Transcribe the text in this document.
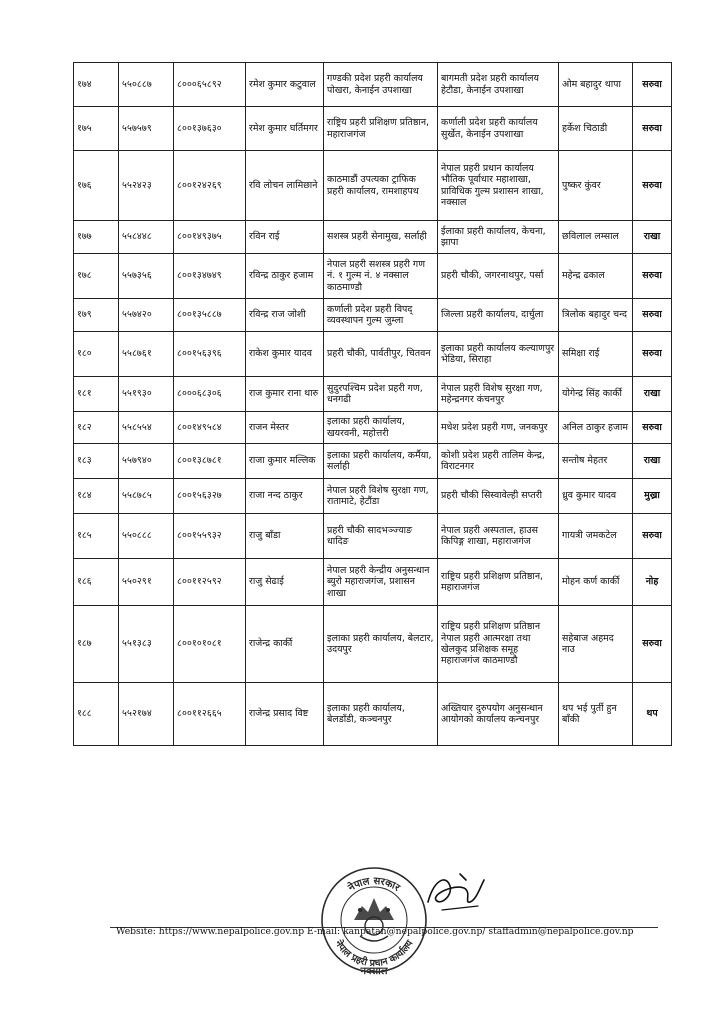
१७४	५५०८८७	८०००६५८९२	रमेश कुमार कटुवाल	गण्डकी प्रदेश प्रहरी कार्यालय पोखरा, केनाईन उपशाखा	बागमती प्रदेश प्रहरी कार्यालय हेटौडा, केनाईन उपशाखा	ओम बहादुर थापा	सरुवा
१७५	५५७५७९	८००१३७६३०	रमेश कुमार घर्तिमगर	राष्ट्रिय प्रहरी प्रशिक्षण प्रतिष्ठान, महाराजगंज	कर्णाली प्रदेश प्रहरी कार्यालय सुर्खेत, केनाईन उपशाखा	हर्केश चिठाडी	सरुवा
१७६	५५२४२३	८००१२४२६९	रवि लोचन लामिछाने	काठमाडौं उपत्यका ट्राफिक प्रहरी कार्यालय, रामशाहपथ	नेपाल प्रहरी प्रधान कार्यालय भौतिक पूर्वाधार महाशाखा, प्राविधिक गुल्म प्रशासन शाखा, नक्साल	पुष्कर कुंवर	सरुवा
१७७	५५८४४८	८००१४९३७५	रविन राई	सशस्त्र प्रहरी सेनामुख, सर्लाही	ईलाका प्रहरी कार्यालय, केचना, झापा	छविलाल लम्साल	राखा
१७८	५५७३५६	८००१३४७४९	रविन्द्र ठाकुर हजाम	नेपाल प्रहरी सशस्त्र प्रहरी गण नं. १ गुल्म नं. ४ नक्साल काठमाण्डौ	प्रहरी चौकी, जगरनाथपुर, पर्सा	महेन्द्र ढकाल	सरुवा
१७९	५५७४२०	८००१३५८८७	रविन्द्र राज जोशी	कर्णाली प्रदेश प्रहरी विपद् व्यवस्थापन गुल्म जुम्ला	जिल्ला प्रहरी कार्यालय, दार्चुला	त्रिलोक बहादुर चन्द	सरुवा
१८०	५५८७६१	८००१५६३९६	राकेश कुमार यादव	प्रहरी चौकी, पार्वतीपुर, चितवन	इलाका प्रहरी कार्यालय कल्याणपुर भेडिया, सिराहा	समिक्षा राई	सरुवा
१८१	५५१९३०	८०००६८३०६	राज कुमार राना थारु	सुदुरपश्चिम प्रदेश प्रहरी गण, धनगढी	नेपाल प्रहरी विशेष सुरक्षा गण, महेन्द्रनगर कंचनपुर	योगेन्द्र सिंह कार्की	राखा
१८२	५५८५५४	८००१४९५८४	राजन मेस्तर	इलाका प्रहरी कार्यालय, खयरवनी, महोत्तरी	मधेश प्रदेश प्रहरी गण, जनकपुर	अनिल ठाकुर हजाम	सरुवा
१८३	५५७९४०	८००१३८७८१	राजा कुमार मल्लिक	इलाका प्रहरी कार्यालय, कर्मैया, सर्लाही	कोशी प्रदेश प्रहरी तालिम केन्द्र, विराटनगर	सन्तोष मेहतर	राखा
१८४	५५८७८५	८००१५६३२७	राजा नन्द ठाकुर	नेपाल प्रहरी विशेष सुरक्षा गण, रातामाटे, हेटौंडा	प्रहरी चौकी सिस्वावेल्ही सप्तरी	ध्रुव कुमार यादव	मुख्रा
१८५	५५०८८८	८००१५५९३२	राजु बाँडा	प्रहरी चौकी सादभञ्ज्याङ धादिङ	नेपाल प्रहरी अस्पताल, हाउस किपिङ्ग शाखा, महाराजगंज	गायत्री जमकटेल	सरुवा
१८६	५५०२९१	८००११२५९२	राजु सेढाई	नेपाल प्रहरी केन्द्रीय अनुसन्धान ब्युरो महाराजगंज, प्रशासन शाखा	राष्ट्रिय प्रहरी प्रशिक्षण प्रतिष्ठान, महाराजगंज	मोहन कर्ण कार्की	नोह
१८७	५५१३८३	८००१०१०८१	राजेन्द्र कार्की	इलाका प्रहरी कार्यालय, बेलटार, उदयपुर	राष्ट्रिय प्रहरी प्रशिक्षण प्रतिष्ठान नेपाल प्रहरी आत्मरक्षा तथा खेलकुद प्रशिक्षक समूह महाराजगंज काठमाण्डौ	सहेबाज अहमद नाउ	सरुवा
१८८	५५२१७४	८००११२६६५	राजेन्द्र प्रसाद विष्ट	इलाका प्रहरी कार्यालय, बेलडाँडी, कञ्चनपुर	अख्तियार दुरुपयोग अनुसन्धान आयोगको कार्यालय कन्चनपुर	थप भई पुर्ती हुन बाँकी	थप
नेपाल सरकार
नेपाल प्रहरी प्रधान कार्यालय
नक्साल
Website: https://www.nepalpolice.gov.np E-mail: kanpatan@nepalpolice.gov.np/ staffadmin@nepalpolice.gov.np
